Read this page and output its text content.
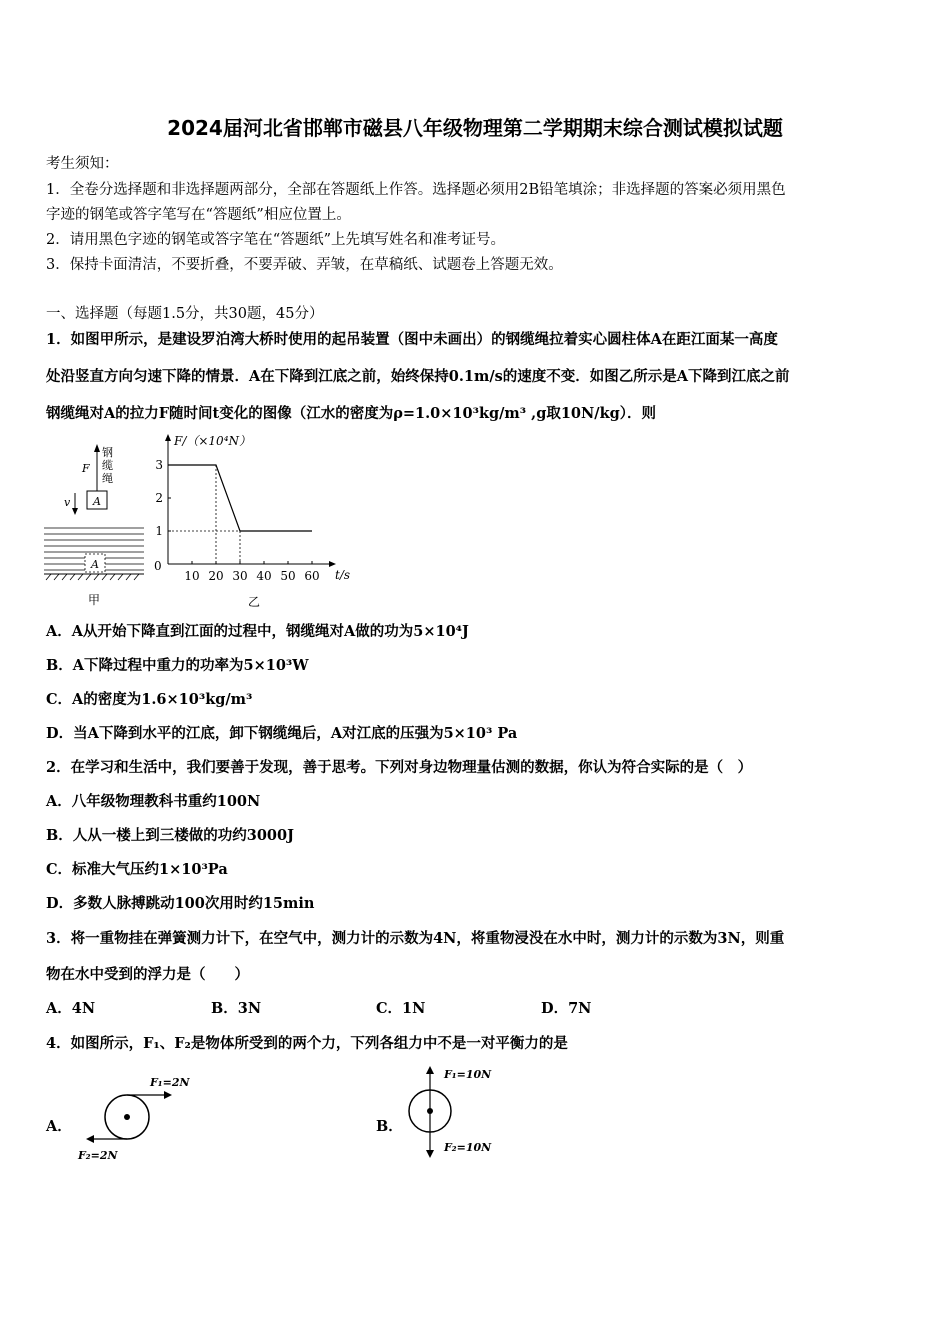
2024届河北省邯郸市磁县八年级物理第二学期期末综合测试模拟试题
考生须知：
1．全卷分选择题和非选择题两部分，全部在答题纸上作答。选择题必须用2B铅笔填涂；非选择题的答案必须用黑色
字迹的钢笔或答字笔写在“答题纸”相应位置上。
2．请用黑色字迹的钢笔或答字笔在“答题纸”上先填写姓名和准考证号。
3．保持卡面清洁，不要折叠，不要弄破、弄皱，在草稿纸、试题卷上答题无效。
一、选择题（每题1.5分，共30题，45分）
1．如图甲所示，是建设罗泊湾大桥时使用的起吊装置（图中未画出）的钢缆绳拉着实心圆柱体A在距江面某一高度
处沿竖直方向匀速下降的情景．A在下降到江底之前，始终保持0.1m/s的速度不变．如图乙所示是A下降到江底之前
钢缆绳对A的拉力F随时间t变化的图像（江水的密度为ρ=1.0×10³kg/m³ ,g取10N/kg）．则
钢
缆
绳
F
A
v
A
甲
F/（×10⁴N）
t/s
0
乙
10 20 30 40 50 60
1
2
3
A．A从开始下降直到江面的过程中，钢缆绳对A做的功为5×10⁴J
B．A下降过程中重力的功率为5×10³W
C．A的密度为1.6×10³kg/m³
D．当A下降到水平的江底，卸下钢缆绳后，A对江底的压强为5×10³ Pa
2．在学习和生活中，我们要善于发现，善于思考。下列对身边物理量估测的数据，你认为符合实际的是（　）
A．八年级物理教科书重约100N
B．人从一楼上到三楼做的功约3000J
C．标准大气压约1×10³Pa
D．多数人脉搏跳动100次用时约15min
3．将一重物挂在弹簧测力计下，在空气中，测力计的示数为4N，将重物浸没在水中时，测力计的示数为3N，则重
物在水中受到的浮力是（　　）
A．4N	B．3N	C．1N	D．7N
4．如图所示，F₁、F₂是物体所受到的两个力，下列各组力中不是一对平衡力的是
A．
F₁=2N
F₂=2N
B．
F₁=10N
F₂=10N
